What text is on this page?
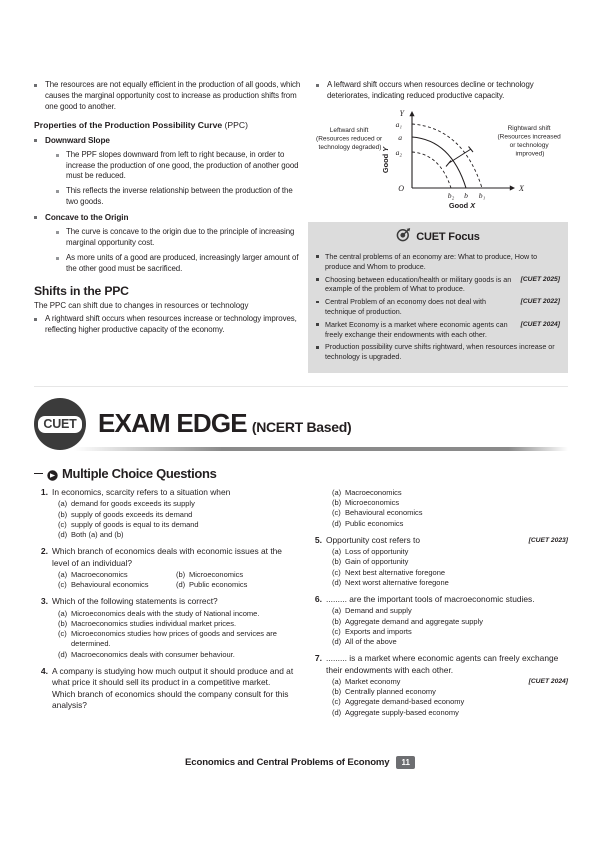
The resources are not equally efficient in the production of all goods, which causes the marginal opportunity cost to increase as production shifts from one good to another.
Properties of the Production Possibility Curve (PPC)
Downward Slope
The PPF slopes downward from left to right because, in order to increase the production of one good, the production of another good must be reduced.
This reflects the inverse relationship between the production of the two goods.
Concave to the Origin
The curve is concave to the origin due to the principle of increasing marginal opportunity cost.
As more units of a good are produced, increasingly larger amount of the other good must be sacrificed.
Shifts in the PPC
The PPC can shift due to changes in resources or technology
A rightward shift occurs when resources increase or technology improves, reflecting higher productive capacity of the economy.
A leftward shift occurs when resources decline or technology deteriorates, indicating reduced productive capacity.
a₁
a
a₂
b₂ b b₁
Y
X
O
Good Y
Good X
Leftward shift (Resources reduced or technology degraded)
Rightward shift (Resources increased or technology improved)
CUET Focus
The central problems of an economy are: What to produce, How to produce and Whom to produce.
[CUET 2025]
Choosing between education/health or military goods is an example of the problem of What to produce.
[CUET 2022]
Central Problem of an economy does not deal with technique of production.
[CUET 2024]
Market Economy is a market where economic agents can freely exchange their endowments with each other.
Production possibility curve shifts rightward, when resources increase or technology is upgraded.
CUET EXAM EDGE (NCERT Based)
Multiple Choice Questions
1. In economics, scarcity refers to a situation when
(a) demand for goods exceeds its supply
(b) supply of goods exceeds its demand
(c) supply of goods is equal to its demand
(d) Both (a) and (b)
2. Which branch of economics deals with economic issues at the level of an individual?
(a) Macroeconomics	(b) Microeconomics
(c) Behavioural economics	(d) Public economics
3. Which of the following statements is correct?
(a) Microeconomics deals with the study of National income.
(b) Macroeconomics studies individual market prices.
(c) Microeconomics studies how prices of goods and services are determined.
(d) Macroeconomics deals with consumer behaviour.
4. A company is studying how much output it should produce and at what price it should sell its product in a competitive market. Which branch of economics should the company consult for this analysis?
(a) Macroeconomics
(b) Microeconomics
(c) Behavioural economics
(d) Public economics
5.	[CUET 2023]
Opportunity cost refers to
(a) Loss of opportunity
(b) Gain of opportunity
(c) Next best alternative foregone
(d) Next worst alternative foregone
6. ......... are the important tools of macroeconomic studies.
(a) Demand and supply
(b) Aggregate demand and aggregate supply
(c) Exports and imports
(d) All of the above
7. ......... is a market where economic agents can freely exchange their endowments with each other.
[CUET 2024]
(a) Market economy
(b) Centrally planned economy
(c) Aggregate demand-based economy
(d) Aggregate supply-based economy
Economics and Central Problems of Economy	11
